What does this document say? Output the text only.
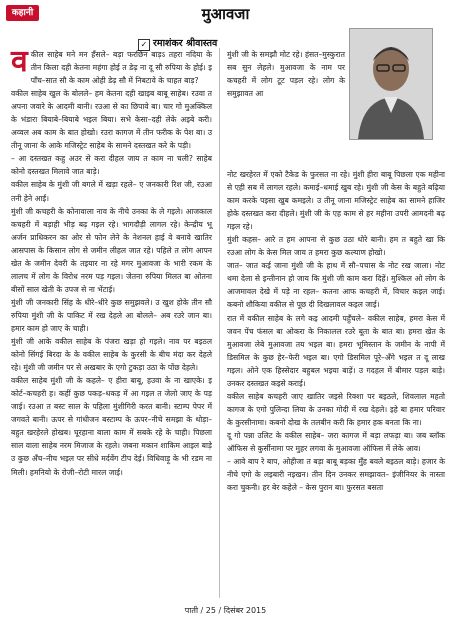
कहानी	मुआवजा
✓ रमाशंकर श्रीवास्तव
व कील साहेब मने मन हँसले– बड़ा फरछिन बाड़ऽ तहरा नदिया के तीन किला दही केतना महंगा होई त डेढ़ ना दू सौ रुपिया के होई। इ पाँच–सात सौ के काम ओही डेढ़ सौ में निबटावे के चाहत बाड़?

वकील साहेब खुल के बोलले– हम केतना दही खाइब बाबू साहेब। रउवा त अपना जवारे के आदमी बानी। रउआ से का छिपावे बा। चार गो मुअक्किल के भंडारा बियाबे–बियाबे भइल बिया। सभे केसा–दही लेके अइबे करी। अव्वल अब काम के बात होखो। रउरा कागज में तीन फरीक के पेश बा। उ तीनू जाना के आके मजिस्ट्रेट साहेब के सामने दस्तखत करे के पड़ी।

– आ दस्तखत कहु अउर से करा दीहल जाय त काम ना चली? साहेब कोनो दस्तखत मिलावे जात बाड़े।

वकील साहेब के मुंशी जी बगले में खड़ा रहले– ए जनकारी रिश जी, रउआ तनी हेने आईं।

मुंशी जी कचहरी के कोनावाला नाव के नीचे उनका के ले गइले। आजकाल कचहरी में बड़ाही भीड़ बढ़ गइल रहे। भागदौड़ी लागल रहे। केन्द्रीय भू अर्जन प्राधिकरन का ओर से फोन लेने के नेशनल हाई वे बनावे खातिर आसपास के किसान लोग से जमीन लीहल जात रहे। पहिले त लोग आपन खेत के जमीन देवरी के तइयार ना रहे मगर मुआवजा के भारी रकम के लालच में लोग के विरोध नरम पड़ गइल। जेतना रुपिया मिलत बा ओतना बीसों साल खेती के उपज से ना भेंटाई।

मुंशी जी जनकारी सिंह के धीरे–धीरे कुछ समुझवले। उ खुश होके तीन सौ रुपिया मुंशी जी के पाकिट में रख देहले आ बोलले– अब रउरे जान बा। हमार काम हो जाए के चाही।

मुंशी जी आके वकील साहेब के पंजरा खड़ा हो गइले। नाव पर बइठल कोनो सिंगई बिरदा के के वकील साहेब के कुरसी के बीच मंदा कर देहले रहे। मुंशी जी जमीन पर से अखबार के एगो टुकड़ा उठा के पोंछ देहले।

वकील साहेब मुंशी जी के कहले– ए हीरा बाबू, हउवा के ना खाएके। इ कोर्ट–कचहरी ह। कहीं कुछ पकड़–धकड़ में आ गइल त जेलो जाए के पड़ जाई। रउआ त बस्ट साल के पहिला मुंशीगिरी करत बानी। स्टाम्प पेपर में जगवते बानी। ऊपर से गांधीजन बस्टाम्प के ऊपर–नीचे समझा के थोड़ा–बहुत खरहेरले होखब। घूरहाना बाला काम में सबके रहे के चाही। पिछला साल वाला साहेब नरम मिजाज के रहले। जबना मकान शाकिम आइल बाड़े उ कुछ अँच–नीच भइल पर सीधे मर्दवेंग टीप देई। विधिवाड़ू के भी रडम ना मिली। हमनियो के रोजी–रोटी मारल जाई।

मुंशी जी के समझौ मोट रहे। हंसत–मुस्कुरात सब सुन लेहले। मुआवजा के नाम पर कचहरी में लोग टूट पड़ल रहे। लोग के समुझावत आ

नोट खरहेरत में एको टैकेड के फुरसत ना रहे। मुंशी हीरा बाबू पिछला एक महीना से एही सब में लागल रहले। कमाई–धमाई खुब रहे। मुंशी जी केस के बहुते बढ़िया काम करके पइसा खुब कमइले। उ तीनू जाना मजिस्ट्रेट साहेब का सामने हाजिर होके दस्तखत करा दीहले। मुंशी जी के एह काम से हर महीना उपरी आमदनी बढ़ गइल रहे।

मुंशी कहस– आरे त हम आपना से कुछ उठा थोरे बानी। हम त बहुते खा कि रउआ लोग के केस मिल जाय त हमरा कुछ कल्याण होखो।

जात– जात कई जाना मुंशी जी के हाथ में सौ–पचास के नोट रख जाला। नोट थमा देला से इन्तीनान हो जाय कि मुंशी जी काम करा दिहें। मुश्किल ओ लोग के आजमावल देखे में पड़े ना रहल– कतना आफ कचहरी में, विचार कइल जाई। कबनो शौकिया वकील से पूछ दी दिखलावल कइल जाई।

रात में वकील साहेब के लगे कइ आदमी पहुँचले– वकील साहेब, हमरा केस में जवन पेंच फंसल बा ओकरा के निकालल रउरे बूता के बात बा। हमरा खेत के मुआवजा लेबे मुआवजा तय भइल बा। हमरा भूमिस्तान के जमीन के नापी में डिसमिल के कुछ हेर–फेरी भइल बा। एगो डिसमिल पूरे–अँगे भइल त दू लाख गइल। ओने एक हिस्सेदार बहुबल भइया बाड़ें। उ गदहल में बीमार पड़ल बाड़े। उनकर दस्तखत कइसे कराई।

वकील साहेब कचहरी जाए खातिर जइसे रिक्शा पर बइठले, शिवलाल महतो कागज के एगो पुलिन्दा लिया के उनका गोदी में रख देहले। इहे बा हमार परिवार के कुरसीनामा। कबनो दोख के तलबीन करी कि हमार हक बनता कि ना।

दू गो पन्ना उलिट के वकील साहेब– जरा कागज में बड़ा लफड़ा बा। जब ब्लॉक ऑफिस से कुर्सीनामा पर मुहर लगवा के मुआवजा ऑफिस में लेके आव।

– आवे बाप रे बाप, ओहीजा त बड़ा बाबू बड़का मुँह बवले बइठल बाड़े। हजार के नीचे एगो के लइबारी नइखन। तीन दिन उनकर समझावत– इंजीनियर के नास्ता करा चुकनी। हर बेर कहेले – केस पुरान बा। फुरसत बसता

पाती / 25 / दिसंबर 2015
